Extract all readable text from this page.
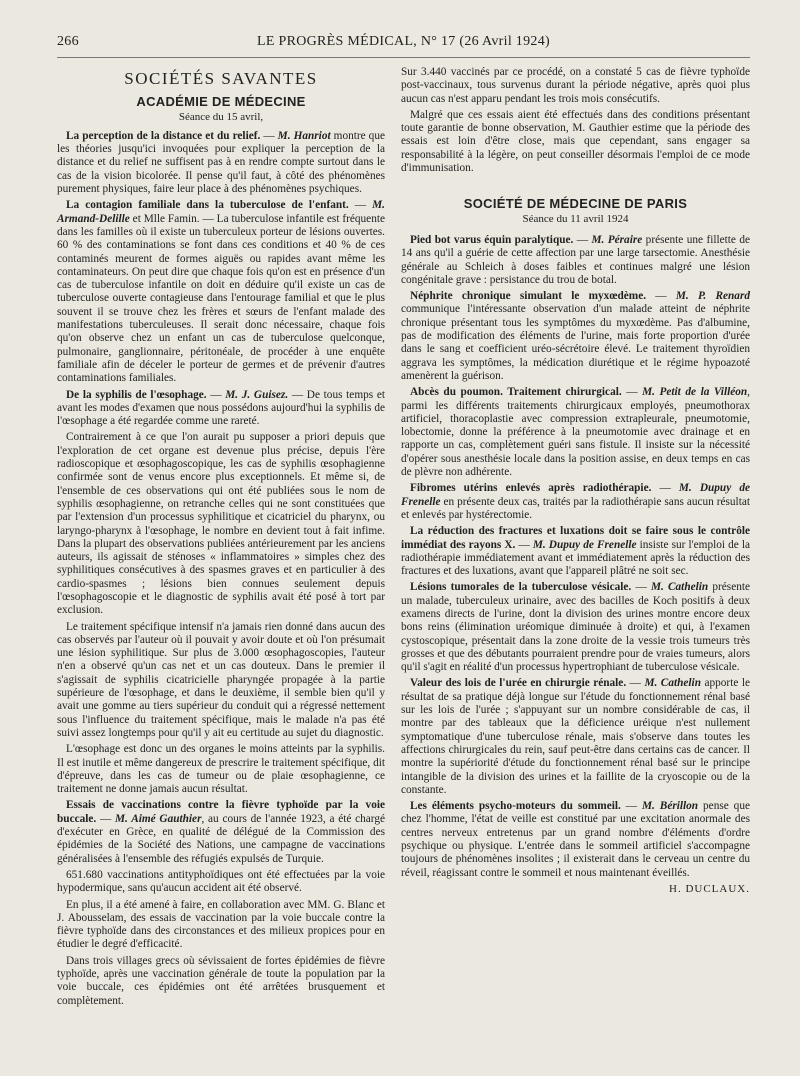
266	LE PROGRÈS MÉDICAL, N° 17 (26 Avril 1924)
SOCIÉTÉS SAVANTES
ACADÉMIE DE MÉDECINE
Séance du 15 avril,

La perception de la distance et du relief. — M. Hanriot montre que les théories jusqu'ici invoquées pour expliquer la perception de la distance et du relief ne suffisent pas à en rendre compte surtout dans le cas de la vision bicolorée. Il pense qu'il faut, à côté des phénomènes purement physiques, faire leur place à des phénomènes psychiques.

La contagion familiale dans la tuberculose de l'enfant. — M. Armand-Delille et Mlle Famin. — La tuberculose infantile est fréquente dans les familles où il existe un tuberculeux porteur de lésions ouvertes. 60 % des contaminations se font dans ces conditions et 40 % de ces contaminés meurent de formes aiguës ou rapides avant même les contaminateurs. On peut dire que chaque fois qu'on est en présence d'un cas de tuberculose infantile on doit en déduire qu'il existe un cas de tuberculose ouverte contagieuse dans l'entourage familial et que le plus souvent il se trouve chez les frères et sœurs de l'enfant malade des manifestations tuberculeuses. Il serait donc nécessaire, chaque fois qu'on observe chez un enfant un cas de tuberculose quelconque, pulmonaire, ganglionnaire, péritonéale, de procéder à une enquête familiale afin de déceler le porteur de germes et de prévenir d'autres contaminations familiales.

De la syphilis de l'œsophage. — M. J. Guisez. — De tous temps et avant les modes d'examen que nous possédons aujourd'hui la syphilis de l'œsophage a été regardée comme une rareté.

Contrairement à ce que l'on aurait pu supposer a priori depuis que l'exploration de cet organe est devenue plus précise, depuis l'ère radioscopique et œsophagoscopique, les cas de syphilis œsophagienne confirmée sont de venus encore plus exceptionnels. Et même si, de l'ensemble de ces observations qui ont été publiées sous le nom de syphilis œsophagienne, on retranche celles qui ne sont constituées que par l'extension d'un processus syphilitique et cicatriciel du pharynx, ou laryngo-pharynx à l'œsophage, le nombre en devient tout à fait infime. Dans la plupart des observations publiées antérieurement par les anciens auteurs, ils agissait de sténoses « inflammatoires » simples chez des syphilitiques consécutives à des spasmes graves et en particulier à des cardio-spasmes ; lésions bien connues seulement depuis l'œsophagoscopie et le diagnostic de syphilis avait été posé à tort par exclusion.

Le traitement spécifique intensif n'a jamais rien donné dans aucun des cas observés par l'auteur où il pouvait y avoir doute et où l'on présumait une lésion syphilitique. Sur plus de 3.000 œsophagoscopies, l'auteur n'en a observé qu'un cas net et un cas douteux. Dans le premier il s'agissait de syphilis cicatricielle pharyngée propagée à la partie supérieure de l'œsophage, et dans le deuxième, il semble bien qu'il y avait une gomme au tiers supérieur du conduit qui a régressé nettement sous l'influence du traitement spécifique, mais le malade n'a pas été suivi assez longtemps pour qu'il y ait eu certitude au sujet du diagnostic.

L'œsophage est donc un des organes le moins atteints par la syphilis. Il est inutile et même dangereux de prescrire le traitement spécifique, dit d'épreuve, dans les cas de tumeur ou de plaie œsophagienne, ce traitement ne donne jamais aucun résultat.

Essais de vaccinations contre la fièvre typhoïde par la voie buccale. — M. Aimé Gauthier, au cours de l'année 1923, a été chargé d'exécuter en Grèce, en qualité de délégué de la Commission des épidémies de la Société des Nations, une campagne de vaccinations généralisées à l'ensemble des réfugiés expulsés de Turquie.

651.680 vaccinations antityphoïdiques ont été effectuées par la voie hypodermique, sans qu'aucun accident ait été observé.

En plus, il a été amené à faire, en collaboration avec MM. G. Blanc et J. Abousselam, des essais de vaccination par la voie buccale contre la fièvre typhoïde dans des circonstances et des milieux propices pour en étudier le degré d'efficacité.

Dans trois villages grecs où sévissaient de fortes épidémies de fièvre typhoïde, après une vaccination générale de toute la population par la voie buccale, ces épidémies ont été arrêtées brusquement et complètement.

Sur 3.440 vaccinés par ce procédé, on a constaté 5 cas de fièvre typhoïde post-vaccinaux, tous survenus durant la période négative, après quoi plus aucun cas n'est apparu pendant les trois mois consécutifs.

Malgré que ces essais aient été effectués dans des conditions présentant toute garantie de bonne observation, M. Gauthier estime que la période des essais est loin d'être close, mais que cependant, sans engager sa responsabilité à la légère, on peut conseiller désormais l'emploi de ce mode d'immunisation.

SOCIÉTÉ DE MÉDECINE DE PARIS
Séance du 11 avril 1924

Pied bot varus équin paralytique. — M. Péraire présente une fillette de 14 ans qu'il a guérie de cette affection par une large tarsectomie. Anesthésie générale au Schleich à doses faibles et continues malgré une lésion congénitale grave : persistance du trou de botal.

Néphrite chronique simulant le myxœdème. — M. P. Renard communique l'intéressante observation d'un malade atteint de néphrite chronique présentant tous les symptômes du myxœdème. Pas d'albumine, pas de modification des éléments de l'urine, mais forte proportion d'urée dans le sang et coefficient uréo-sécrétoire élevé. Le traitement thyroïdien aggrava les symptômes, la médication diurétique et le régime hypoazoté amenèrent la guérison.

Abcès du poumon. Traitement chirurgical. — M. Petit de la Villéon, parmi les différents traitements chirurgicaux employés, pneumothorax artificiel, thoracoplastie avec compression extrapleurale, pneumotomie, lobectomie, donne la préférence à la pneumotomie avec drainage et en rapporte un cas, complètement guéri sans fistule. Il insiste sur la nécessité d'opérer sous anesthésie locale dans la position assise, en deux temps en cas de plèvre non adhérente.

Fibromes utérins enlevés après radiothérapie. — M. Dupuy de Frenelle en présente deux cas, traités par la radiothérapie sans aucun résultat et enlevés par hystérectomie.

La réduction des fractures et luxations doit se faire sous le contrôle immédiat des rayons X. — M. Dupuy de Frenelle insiste sur l'emploi de la radiothérapie immédiatement avant et immédiatement après la réduction des fractures et des luxations, avant que l'appareil plâtré ne soit sec.

Lésions tumorales de la tuberculose vésicale. — M. Cathelin présente un malade, tuberculeux urinaire, avec des bacilles de Koch positifs à deux examens directs de l'urine, dont la division des urines montre encore deux bons reins (élimination uréomique diminuée à droite) et qui, à l'examen cystoscopique, présentait dans la zone droite de la vessie trois tumeurs très grosses et que des débutants pourraient prendre pour de vraies tumeurs, alors qu'il s'agit en réalité d'un processus hypertrophiant de tuberculose vésicale.

Valeur des lois de l'urée en chirurgie rénale. — M. Cathelin apporte le résultat de sa pratique déjà longue sur l'étude du fonctionnement rénal basé sur les lois de l'urée ; s'appuyant sur un nombre considérable de cas, il montre par des tableaux que la déficience uréique n'est nullement symptomatique d'une tuberculose rénale, mais s'observe dans toutes les affections chirurgicales du rein, sauf peut-être dans certains cas de cancer. Il montre la supériorité d'étude du fonctionnement rénal basé sur le principe intangible de la division des urines et la faillite de la cryoscopie ou de la constante.

Les éléments psycho-moteurs du sommeil. — M. Bérillon pense que chez l'homme, l'état de veille est constitué par une excitation anormale des centres nerveux entretenus par un grand nombre d'éléments d'ordre psychique ou physique. L'entrée dans le sommeil artificiel s'accompagne toujours de phénomènes insolites ; il existerait dans le cerveau un centre du réveil, réagissant contre le sommeil et nous maintenant éveillés.

H. DUCLAUX.
